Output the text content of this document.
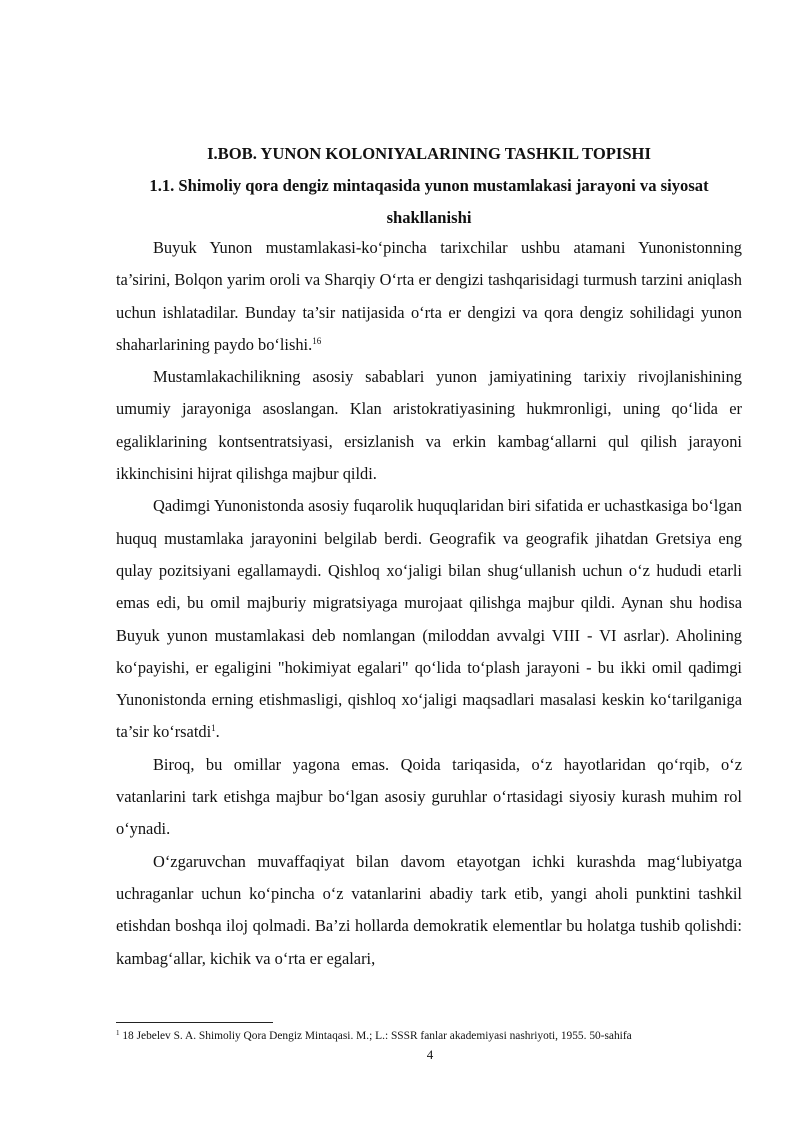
I.BOB. YUNON KOLONIYALARINING TASHKIL TOPISHI

1.1. Shimoliy qora dengiz mintaqasida yunon mustamlakasi jarayoni va siyosat shakllanishi

Buyuk Yunon mustamlakasi-ko‘pincha tarixchilar ushbu atamani Yunonistonning ta’sirini, Bolqon yarim oroli va Sharqiy O‘rta er dengizi tashqarisidagi turmush tarzini aniqlash uchun ishlatadilar. Bunday ta’sir natijasida o‘rta er dengizi va qora dengiz sohilidagi yunon shaharlarining paydo bo‘lishi.$^{16}$

Mustamlakachilikning asosiy sabablari yunon jamiyatining tarixiy rivojlanishining umumiy jarayoniga asoslangan. Klan aristokratiyasining hukmronligi, uning qo‘lida er egaliklarining kontsentratsiyasi, ersizlanish va erkin kambag‘allarni qul qilish jarayoni ikkinchisini hijrat qilishga majbur qildi.

Qadimgi Yunonistonda asosiy fuqarolik huquqlaridan biri sifatida er uchastkasiga bo‘lgan huquq mustamlaka jarayonini belgilab berdi. Geografik va geografik jihatdan Gretsiya eng qulay pozitsiyani egallamaydi. Qishloq xo‘jaligi bilan shug‘ullanish uchun o‘z hududi etarli emas edi, bu omil majburiy migratsiyaga murojaat qilishga majbur qildi. Aynan shu hodisa Buyuk yunon mustamlakasi deb nomlangan (miloddan avvalgi VIII - VI asrlar). Aholining ko‘payishi, er egaligini "hokimiyat egalari" qo‘lida to‘plash jarayoni - bu ikki omil qadimgi Yunonistonda erning etishmasligi, qishloq xo‘jaligi maqsadlari masalasi keskin ko‘tarilganiga ta’sir ko‘rsatdi$^1$.

Biroq, bu omillar yagona emas. Qoida tariqasida, o‘z hayotlaridan qo‘rqib, o‘z vatanlarini tark etishga majbur bo‘lgan asosiy guruhlar o‘rtasidagi siyosiy kurash muhim rol o‘ynadi.

O‘zgaruvchan muvaffaqiyat bilan davom etayotgan ichki kurashda mag‘lubiyatga uchraganlar uchun ko‘pincha o‘z vatanlarini abadiy tark etib, yangi aholi punktini tashkil etishdan boshqa iloj qolmadi. Ba’zi hollarda demokratik elementlar bu holatga tushib qolishdi: kambag‘allar, kichik va o‘rta er egalari,

$^1$ 18 Jebelev S. A. Shimoliy Qora Dengiz Mintaqasi. M.; L.: SSSR fanlar akademiyasi nashriyoti, 1955. 50-sahifa
4
